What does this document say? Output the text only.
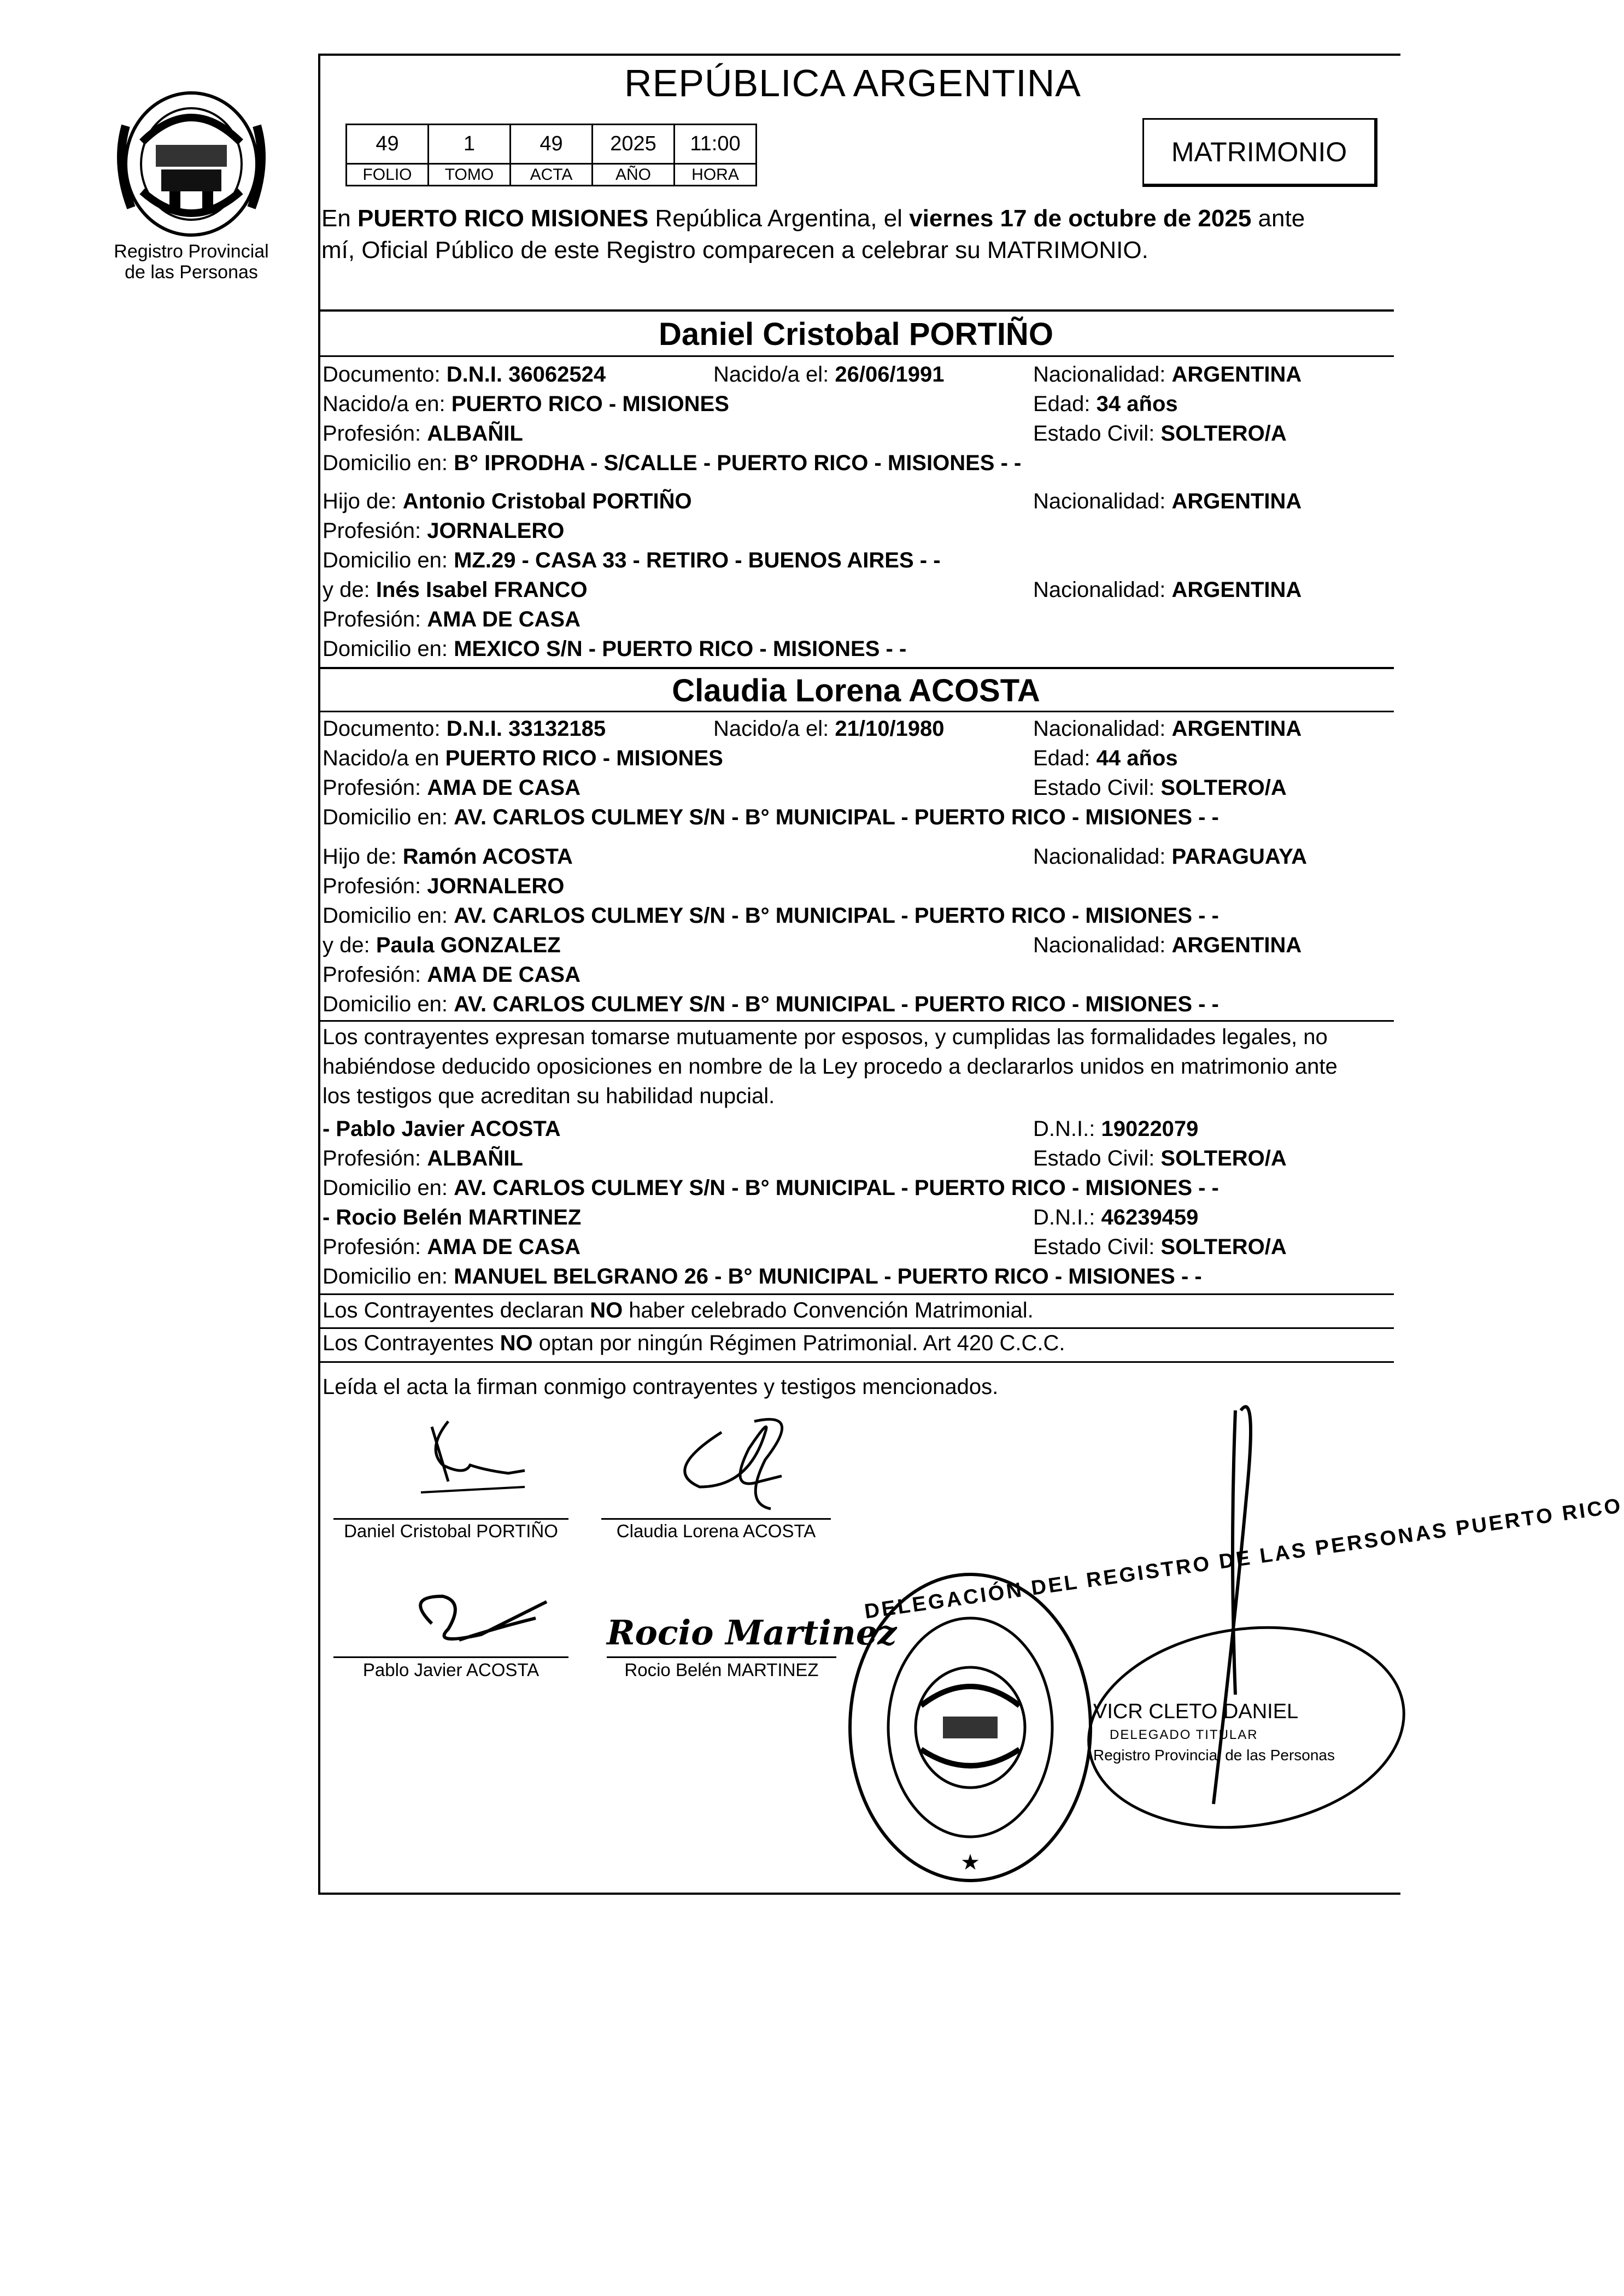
Registro Provincial
de las Personas
REPÚBLICA ARGENTINA
49	1	49	2025	11:00
FOLIO	TOMO	ACTA	AÑO	HORA
MATRIMONIO
En PUERTO RICO MISIONES República Argentina, el viernes 17 de octubre de 2025 ante
mí, Oficial Público de este Registro comparecen a celebrar su MATRIMONIO.
Daniel Cristobal PORTIÑO
Documento: D.N.I. 36062524	Nacido/a el: 26/06/1991	Nacionalidad: ARGENTINA
Nacido/a en: PUERTO RICO - MISIONES	Edad: 34 años
Profesión: ALBAÑIL	Estado Civil: SOLTERO/A
Domicilio en: B° IPRODHA - S/CALLE - PUERTO RICO - MISIONES - -
Hijo de: Antonio Cristobal PORTIÑO	Nacionalidad: ARGENTINA
Profesión: JORNALERO
Domicilio en: MZ.29 - CASA 33 - RETIRO - BUENOS AIRES - -
y de: Inés Isabel FRANCO	Nacionalidad: ARGENTINA
Profesión: AMA DE CASA
Domicilio en: MEXICO S/N - PUERTO RICO - MISIONES - -
Claudia Lorena ACOSTA
Documento: D.N.I. 33132185	Nacido/a el: 21/10/1980	Nacionalidad: ARGENTINA
Nacido/a en PUERTO RICO - MISIONES	Edad: 44 años
Profesión: AMA DE CASA	Estado Civil: SOLTERO/A
Domicilio en: AV. CARLOS CULMEY S/N - B° MUNICIPAL - PUERTO RICO - MISIONES - -
Hijo de: Ramón ACOSTA	Nacionalidad: PARAGUAYA
Profesión: JORNALERO
Domicilio en: AV. CARLOS CULMEY S/N - B° MUNICIPAL - PUERTO RICO - MISIONES - -
y de: Paula GONZALEZ	Nacionalidad: ARGENTINA
Profesión: AMA DE CASA
Domicilio en: AV. CARLOS CULMEY S/N - B° MUNICIPAL - PUERTO RICO - MISIONES - -
Los contrayentes expresan tomarse mutuamente por esposos, y cumplidas las formalidades legales, no
habiéndose deducido oposiciones en nombre de la Ley procedo a declararlos unidos en matrimonio ante
los testigos que acreditan su habilidad nupcial.
- Pablo Javier ACOSTA	D.N.I.: 19022079
Profesión: ALBAÑIL	Estado Civil: SOLTERO/A
Domicilio en: AV. CARLOS CULMEY S/N - B° MUNICIPAL - PUERTO RICO - MISIONES - -
- Rocio Belén MARTINEZ	D.N.I.: 46239459
Profesión: AMA DE CASA	Estado Civil: SOLTERO/A
Domicilio en: MANUEL BELGRANO 26 - B° MUNICIPAL - PUERTO RICO - MISIONES - -
Los Contrayentes declaran NO haber celebrado Convención Matrimonial.
Los Contrayentes NO optan por ningún Régimen Patrimonial. Art 420 C.C.C.
Leída el acta la firman conmigo contrayentes y testigos mencionados.
Daniel Cristobal PORTIÑO	Claudia Lorena ACOSTA
Pablo Javier ACOSTA
Rocio Martinez
Rocio Belén MARTINEZ
★
DELEGACIÓN DEL REGISTRO DE LAS PERSONAS PUERTO RICO
VICR CLETO DANIEL
DELEGADO TITULAR
Registro Provincial de las Personas
